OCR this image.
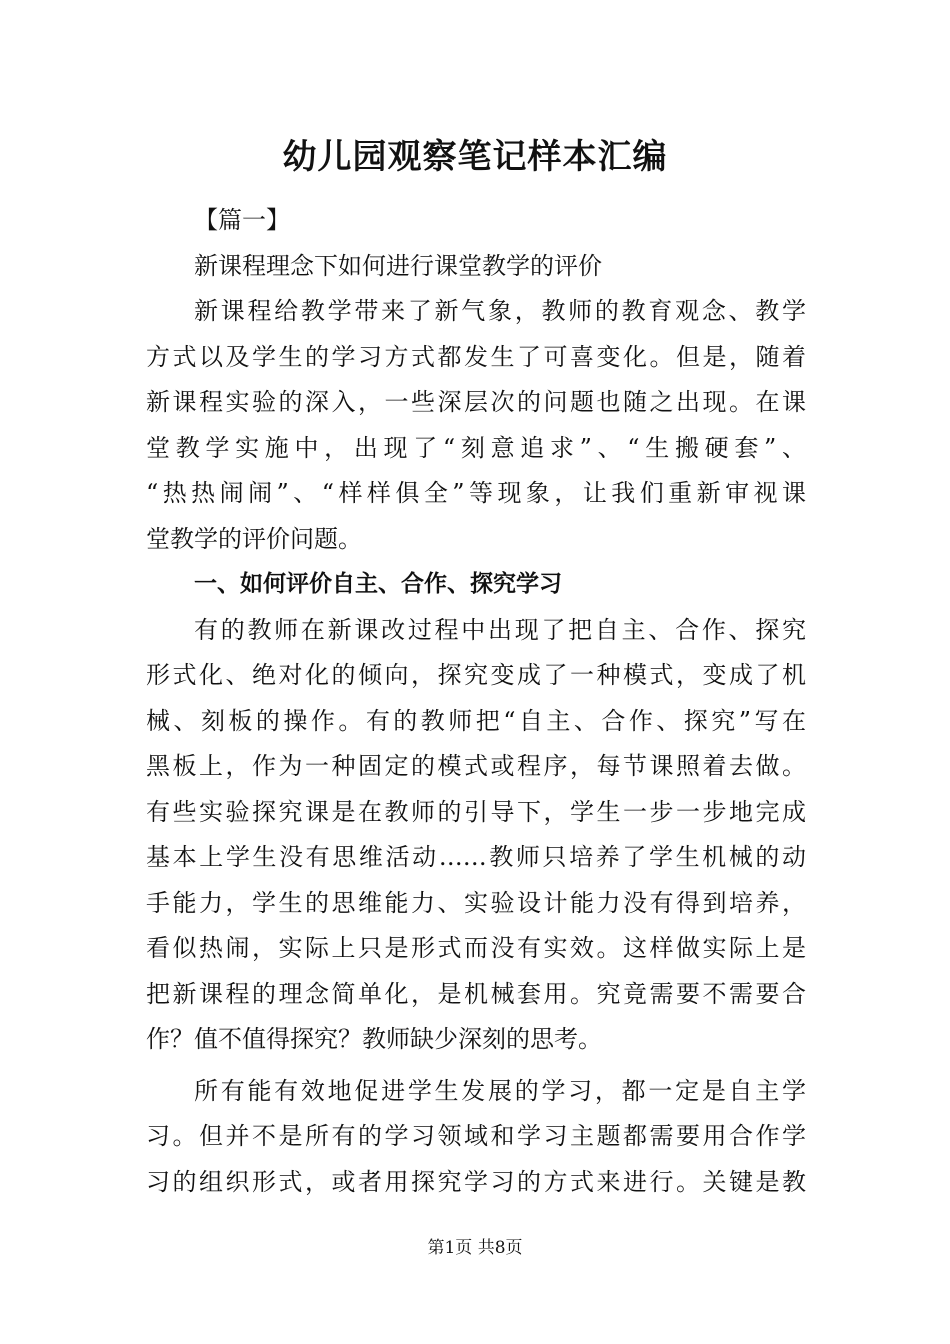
幼儿园观察笔记样本汇编
【篇一】
新课程理念下如何进行课堂教学的评价
新课程给教学带来了新气象，教师的教育观念、教学
方式以及学生的学习方式都发生了可喜变化。但是，随着
新课程实验的深入，一些深层次的问题也随之出现。在课
堂教学实施中，出现了“刻意追求”、“生搬硬套”、
“热热闹闹”、“样样俱全”等现象，让我们重新审视课
堂教学的评价问题。
一、如何评价自主、合作、探究学习
有的教师在新课改过程中出现了把自主、合作、探究
形式化、绝对化的倾向，探究变成了一种模式，变成了机
械、刻板的操作。有的教师把“自主、合作、探究”写在
黑板上，作为一种固定的模式或程序，每节课照着去做。
有些实验探究课是在教师的引导下，学生一步一步地完成
基本上学生没有思维活动……教师只培养了学生机械的动
手能力，学生的思维能力、实验设计能力没有得到培养，
看似热闹，实际上只是形式而没有实效。这样做实际上是
把新课程的理念简单化，是机械套用。究竟需要不需要合
作？值不值得探究？教师缺少深刻的思考。
所有能有效地促进学生发展的学习，都一定是自主学
习。但并不是所有的学习领域和学习主题都需要用合作学
习的组织形式，或者用探究学习的方式来进行。关键是教
第1页 共8页
